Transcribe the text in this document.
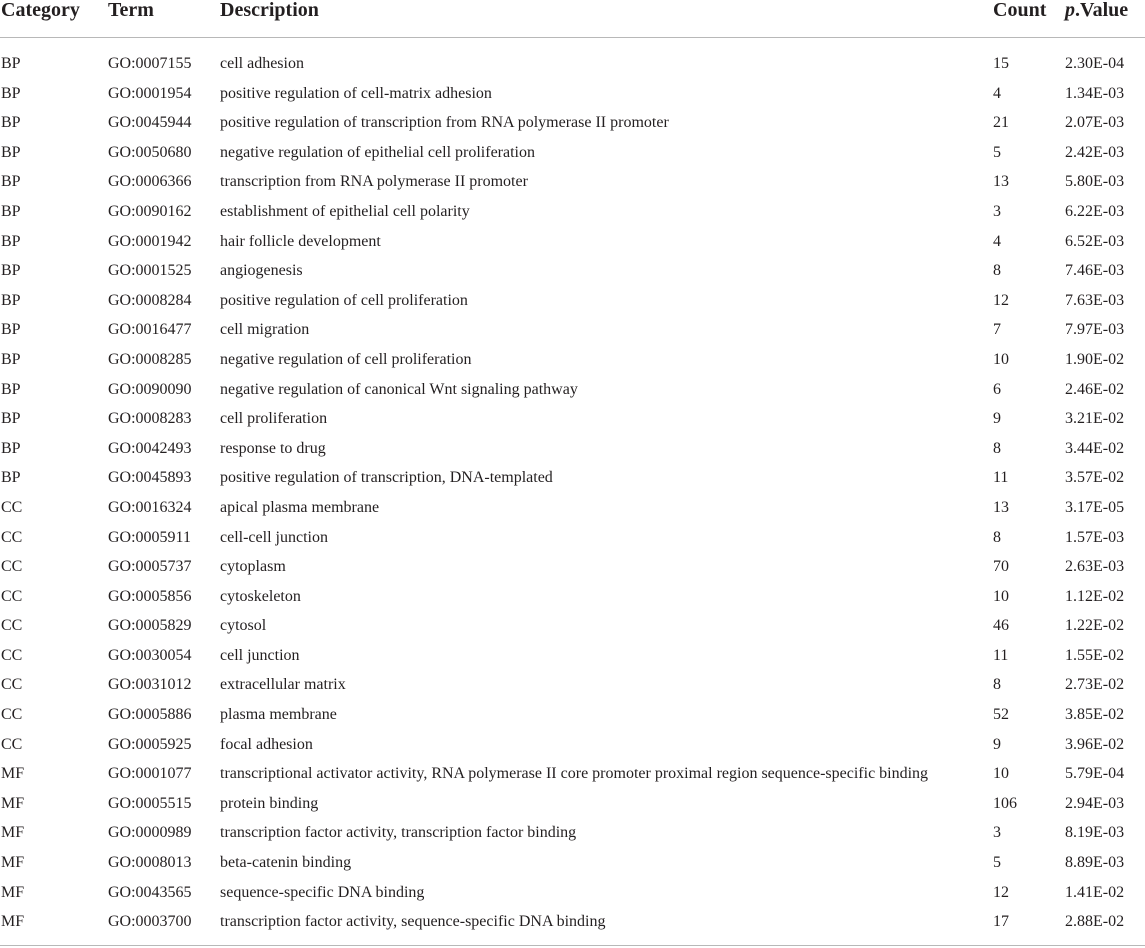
Category Term	Description	Count p.Value
BP	GO:0007155 cell adhesion	15	2.30E-04
BP	GO:0001954 positive regulation of cell-matrix adhesion	4	1.34E-03
BP	GO:0045944 positive regulation of transcription from RNA polymerase II promoter	21	2.07E-03
BP	GO:0050680 negative regulation of epithelial cell proliferation	5	2.42E-03
BP	GO:0006366 transcription from RNA polymerase II promoter	13	5.80E-03
BP	GO:0090162 establishment of epithelial cell polarity	3	6.22E-03
BP	GO:0001942 hair follicle development	4	6.52E-03
BP	GO:0001525 angiogenesis	8	7.46E-03
BP	GO:0008284 positive regulation of cell proliferation	12	7.63E-03
BP	GO:0016477 cell migration	7	7.97E-03
BP	GO:0008285 negative regulation of cell proliferation	10	1.90E-02
BP	GO:0090090 negative regulation of canonical Wnt signaling pathway	6	2.46E-02
BP	GO:0008283 cell proliferation	9	3.21E-02
BP	GO:0042493 response to drug	8	3.44E-02
BP	GO:0045893 positive regulation of transcription, DNA-templated	11	3.57E-02
CC	GO:0016324 apical plasma membrane	13	3.17E-05
CC	GO:0005911 cell-cell junction	8	1.57E-03
CC	GO:0005737 cytoplasm	70	2.63E-03
CC	GO:0005856 cytoskeleton	10	1.12E-02
CC	GO:0005829 cytosol	46	1.22E-02
CC	GO:0030054 cell junction	11	1.55E-02
CC	GO:0031012 extracellular matrix	8	2.73E-02
CC	GO:0005886 plasma membrane	52	3.85E-02
CC	GO:0005925 focal adhesion	9	3.96E-02
MF	GO:0001077 transcriptional activator activity, RNA polymerase II core promoter proximal region sequence-specific binding	10	5.79E-04
MF	GO:0005515 protein binding	106	2.94E-03
MF	GO:0000989 transcription factor activity, transcription factor binding	3	8.19E-03
MF	GO:0008013 beta-catenin binding	5	8.89E-03
MF	GO:0043565 sequence-specific DNA binding	12	1.41E-02
MF	GO:0003700 transcription factor activity, sequence-specific DNA binding	17	2.88E-02
